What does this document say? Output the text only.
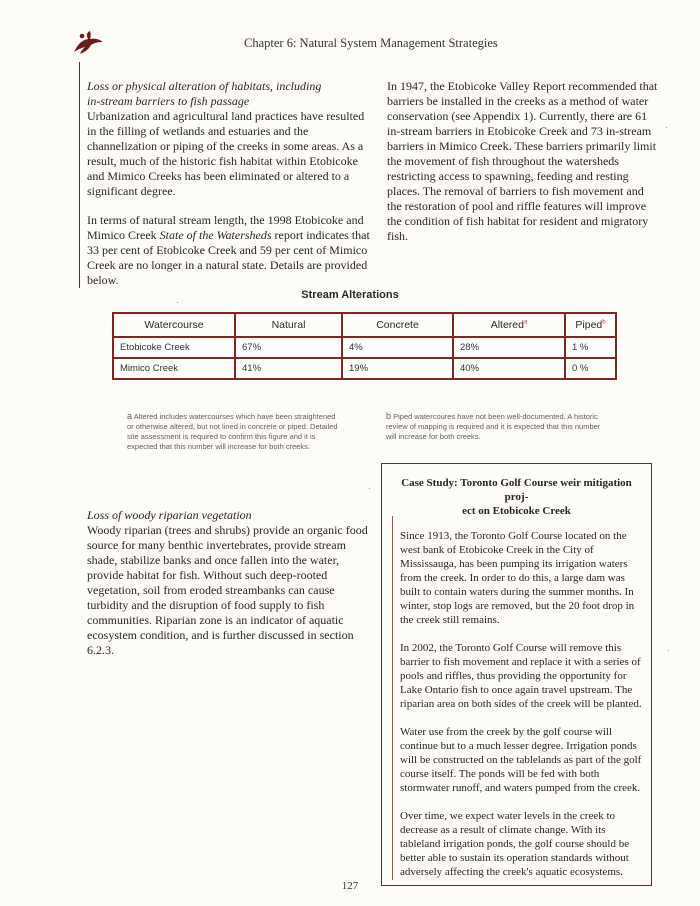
Chapter 6: Natural System Management Strategies

Loss or physical alteration of habitats, including
in-stream barriers to fish passage

Urbanization and agricultural land practices have resulted in the filling of wetlands and estuaries and the channelization or piping of the creeks in some areas. As a result, much of the historic fish habitat within Etobicoke and Mimico Creeks has been eliminated or altered to a significant degree.

In terms of natural stream length, the 1998 Etobicoke and Mimico Creek State of the Watersheds report indicates that 33 per cent of Etobicoke Creek and 59 per cent of Mimico Creek are no longer in a natural state. Details are provided below.

In 1947, the Etobicoke Valley Report recommended that barriers be installed in the creeks as a method of water conservation (see Appendix 1). Currently, there are 61 in-stream barriers in Etobicoke Creek and 73 in-stream barriers in Mimico Creek. These barriers primarily limit the movement of fish throughout the watersheds restricting access to spawning, feeding and resting places. The removal of barriers to fish movement and the restoration of pool and riffle features will improve the condition of fish habitat for resident and migratory fish.

Stream Alterations
Watercourse	Natural	Concrete	Altered$^a$	Piped$^b$
Etobicoke Creek	67%	4%	28%	1 %
Mimico Creek	41%	19%	40%	0 %
a Altered includes watercourses which have been straightened or otherwise altered, but not lined in concrete or piped. Detailed site assessment is required to confirm this figure and it is expected that this number will increase for both creeks.
b Piped watercoures have not been well-documented. A historic review of mapping is required and it is expected that this number will increase for both creeks.

Loss of woody riparian vegetation

Woody riparian (trees and shrubs) provide an organic food source for many benthic invertebrates, provide stream shade, stabilize banks and once fallen into the water, provide habitat for fish. Without such deep-rooted vegetation, soil from eroded streambanks can cause turbidity and the disruption of food supply to fish communities. Riparian zone is an indicator of aquatic ecosystem condition, and is further discussed in section 6.2.3.

Case Study: Toronto Golf Course weir mitigation proj-
ect on Etobicoke Creek

Since 1913, the Toronto Golf Course located on the west bank of Etobicoke Creek in the City of Mississauga, has been pumping its irrigation waters from the creek. In order to do this, a large dam was built to contain waters during the summer months. In winter, stop logs are removed, but the 20 foot drop in the creek still remains.

In 2002, the Toronto Golf Course will remove this barrier to fish movement and replace it with a series of pools and riffles, thus providing the opportunity for Lake Ontario fish to once again travel upstream. The riparian area on both sides of the creek will be planted.

Water use from the creek by the golf course will continue but to a much lesser degree. Irrigation ponds will be constructed on the tablelands as part of the golf course itself. The ponds will be fed with both stormwater runoff, and waters pumped from the creek.

Over time, we expect water levels in the creek to decrease as a result of climate change. With its tableland irrigation ponds, the golf course should be better able to sustain its operation standards without adversely affecting the creek's aquatic ecosystems.

127
